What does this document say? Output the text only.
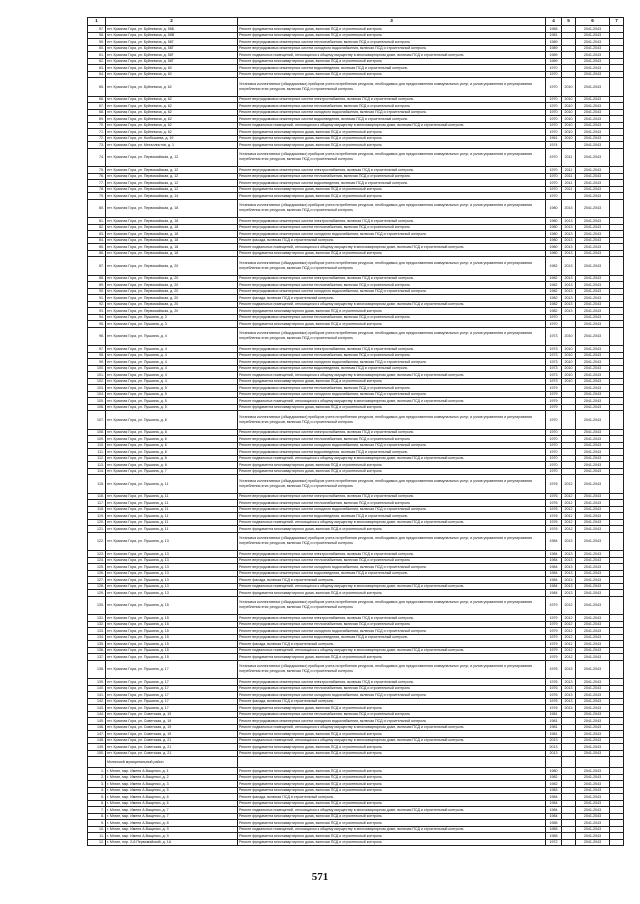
1	2	3	4	5	6	7
57.	пгт. Красная Гора, ул. Буйневича, д. 58Б	Ремонт фундамента многоквартирного дома, включая ПСД и строительный контроль	1985		2041-2043	
58.	пгт. Красная Гора, ул. Буйневича, д. 58В	Ремонт фундамента многоквартирного дома, включая ПСД и строительный контроль	1981		2041-2043	
59.	пгт. Красная Гора, ул. Буйневича, д. 58Г	Ремонт внутридомовых инженерных систем теплоснабжения, включая ПСД и строительный контроль	1989		2041-2043	
60.	пгт. Красная Гора, ул. Буйневича, д. 58Г	Ремонт внутридомовых инженерных систем холодного водоснабжения, включая ПСД и строительный контроль	1989		2041-2043	
61.	пгт. Красная Гора, ул. Буйневича, д. 58Г	Ремонт подвальных помещений, относящихся к общему имуществу в многоквартирном доме, включая ПСД и строительный контроль	1989		2041-2043	
62.	пгт. Красная Гора, ул. Буйневича, д. 58Г	Ремонт фундамента многоквартирного дома, включая ПСД и строительный контроль	1989		2041-2043	
63.	пгт. Красная Гора, ул. Буйневича, д. 60	Ремонт внутридомовых инженерных систем водоотведения, включая ПСД и строительный контроль	1970		2041-2043	
64.	пгт. Красная Гора, ул. Буйневича, д. 60	Ремонт фундамента многоквартирного дома, включая ПСД и строительный контроль	1970		2041-2043	
65.	пгт. Красная Гора, ул. Буйневича, д. 62	Установка коллективных (общедомовых) приборов учета потребления ресурсов, необходимых для предоставления коммунальных услуг, и узлов управления и регулирования потребления этих ресурсов, включая ПСД и строительный контроль	1970	2010	2041-2043	
66.	пгт. Красная Гора, ул. Буйневича, д. 62	Ремонт внутридомовых инженерных систем электроснабжения, включая ПСД и строительный контроль	1970	2010	2041-2043	
67.	пгт. Красная Гора, ул. Буйневича, д. 62	Ремонт внутридомовых инженерных систем теплоснабжения, включая ПСД и строительный контроль	1970	2010	2041-2043	
68.	пгт. Красная Гора, ул. Буйневича, д. 62	Ремонт внутридомовых инженерных систем холодного водоснабжения, включая ПСД и строительный контроль	1970	2010	2041-2043	
69.	пгт. Красная Гора, ул. Буйневича, д. 62	Ремонт внутридомовых инженерных систем водоотведения, включая ПСД и строительный контроль	1970	2010	2041-2043	
70.	пгт. Красная Гора, ул. Буйневича, д. 62	Ремонт подвальных помещений, относящихся к общему имуществу в многоквартирном доме, включая ПСД и строительный контроль	1970	2010	2041-2043	
71.	пгт. Красная Гора, ул. Буйневича, д. 62	Ремонт фундамента многоквартирного дома, включая ПСД и строительный контроль	1970	2010	2041-2043	
72.	пгт. Красная Гора, ул. Колбышева, д. 19	Ремонт фундамента многоквартирного дома, включая ПСД и строительный контроль	1961	2010	2041-2043	
73.	пгт. Красная Гора, ул. Металлистов, д. 1	Ремонт фундамента многоквартирного дома, включая ПСД и строительный контроль	1974		2041-2043	
74.	пгт. Красная Гора, ул. Первомайская, д. 12	Установка коллективных (общедомовых) приборов учета потребления ресурсов, необходимых для предоставления коммунальных услуг, и узлов управления и регулирования потребления этих ресурсов, включая ПСД и строительный контроль	1970	2011	2041-2043	
75.	пгт. Красная Гора, ул. Первомайская, д. 12	Ремонт внутридомовых инженерных систем электроснабжения, включая ПСД и строительный контроль	1970	2011	2041-2043	
76.	пгт. Красная Гора, ул. Первомайская, д. 12	Ремонт внутридомовых инженерных систем теплоснабжения, включая ПСД и строительный контроль	1970	2011	2041-2043	
77.	пгт. Красная Гора, ул. Первомайская, д. 12	Ремонт внутридомовых инженерных систем водоотведения, включая ПСД и строительный контроль	1970	2011	2041-2043	
78.	пгт. Красная Гора, ул. Первомайская, д. 12	Ремонт фундамента многоквартирного дома, включая ПСД и строительный контроль	1970	2011	2041-2043	
79.	пгт. Красная Гора, ул. Первомайская, д. 14	Ремонт фундамента многоквартирного дома, включая ПСД и строительный контроль	1970		2041-2043	
80.	пгт. Красная Гора, ул. Первомайская, д. 18	Установка коллективных (общедомовых) приборов учета потребления ресурсов, необходимых для предоставления коммунальных услуг, и узлов управления и регулирования потребления этих ресурсов, включая ПСД и строительный контроль	1980	2013	2041-2043	
81.	пгт. Красная Гора, ул. Первомайская, д. 18	Ремонт внутридомовых инженерных систем электроснабжения, включая ПСД и строительный контроль	1980	2013	2041-2043	
82.	пгт. Красная Гора, ул. Первомайская, д. 18	Ремонт внутридомовых инженерных систем теплоснабжения, включая ПСД и строительный контроль	1980	2013	2041-2043	
83.	пгт. Красная Гора, ул. Первомайская, д. 18	Ремонт внутридомовых инженерных систем холодного водоснабжения, включая ПСД и строительный контроль	1980	2013	2041-2043	
84.	пгт. Красная Гора, ул. Первомайская, д. 18	Ремонт фасада, включая ПСД и строительный контроль	1980	2013	2041-2043	
85.	пгт. Красная Гора, ул. Первомайская, д. 18	Ремонт подвальных помещений, относящихся к общему имуществу в многоквартирном доме, включая ПСД и строительный контроль	1980	2013	2041-2043	
86.	пгт. Красная Гора, ул. Первомайская, д. 18	Ремонт фундамента многоквартирного дома, включая ПСД и строительный контроль	1980	2013	2041-2043	
87.	пгт. Красная Гора, ул. Первомайская, д. 20	Установка коллективных (общедомовых) приборов учета потребления ресурсов, необходимых для предоставления коммунальных услуг, и узлов управления и регулирования потребления этих ресурсов, включая ПСД и строительный контроль	1982	2013	2041-2043	
88.	пгт. Красная Гора, ул. Первомайская, д. 20	Ремонт внутридомовых инженерных систем электроснабжения, включая ПСД и строительный контроль	1982	2013	2041-2043	
89.	пгт. Красная Гора, ул. Первомайская, д. 20	Ремонт внутридомовых инженерных систем теплоснабжения, включая ПСД и строительный контроль	1982	2013	2041-2043	
90.	пгт. Красная Гора, ул. Первомайская, д. 20	Ремонт внутридомовых инженерных систем холодного водоснабжения, включая ПСД и строительный контроль	1982	2013	2041-2043	
91.	пгт. Красная Гора, ул. Первомайская, д. 20	Ремонт фасада, включая ПСД и строительный контроль	1982	2013	2041-2043	
92.	пгт. Красная Гора, ул. Первомайская, д. 20	Ремонт подвальных помещений, относящихся к общему имуществу в многоквартирном доме, включая ПСД и строительный контроль	1982	2013	2041-2043	
93.	пгт. Красная Гора, ул. Первомайская, д. 20	Ремонт фундамента многоквартирного дома, включая ПСД и строительный контроль	1982	2013	2041-2043	
94.	пгт. Красная Гора, ул. Пушкина, д. 3	Ремонт внутридомовых инженерных систем теплоснабжения, включая ПСД и строительный контроль	1970		2041-2043	
95.	пгт. Красная Гора, ул. Пушкина, д. 3	Ремонт фундамента многоквартирного дома, включая ПСД и строительный контроль	1970		2041-2043	
96.	пгт. Красная Гора, ул. Пушкина, д. 4	Установка коллективных (общедомовых) приборов учета потребления ресурсов, необходимых для предоставления коммунальных услуг, и узлов управления и регулирования потребления этих ресурсов, включая ПСД и строительный контроль	1973	2010	2041-2043	
97.	пгт. Красная Гора, ул. Пушкина, д. 4	Ремонт внутридомовых инженерных систем электроснабжения, включая ПСД и строительный контроль	1973	2010	2041-2043	
98.	пгт. Красная Гора, ул. Пушкина, д. 4	Ремонт внутридомовых инженерных систем теплоснабжения, включая ПСД и строительный контроль	1973	2010	2041-2043	
99.	пгт. Красная Гора, ул. Пушкина, д. 4	Ремонт внутридомовых инженерных систем холодного водоснабжения, включая ПСД и строительный контроль	1973	2010	2041-2043	
100.	пгт. Красная Гора, ул. Пушкина, д. 4	Ремонт внутридомовых инженерных систем водоотведения, включая ПСД и строительный контроль	1973	2010	2041-2043	
101.	пгт. Красная Гора, ул. Пушкина, д. 4	Ремонт подвальных помещений, относящихся к общему имуществу в многоквартирном доме, включая ПСД и строительный контроль	1973	2010	2041-2043	
102.	пгт. Красная Гора, ул. Пушкина, д. 4	Ремонт фундамента многоквартирного дома, включая ПСД и строительный контроль	1973	2010	2041-2043	
103.	пгт. Красная Гора, ул. Пушкина, д. 5	Ремонт внутридомовых инженерных систем теплоснабжения, включая ПСД и строительный контроль	1979		2041-2043	
104.	пгт. Красная Гора, ул. Пушкина, д. 5	Ремонт внутридомовых инженерных систем холодного водоснабжения, включая ПСД и строительный контроль	1979		2041-2043	
105.	пгт. Красная Гора, ул. Пушкина, д. 5	Ремонт подвальных помещений, относящихся к общему имуществу в многоквартирном доме, включая ПСД и строительный контроль	1979		2041-2043	
106.	пгт. Красная Гора, ул. Пушкина, д. 5	Ремонт фундамента многоквартирного дома, включая ПСД и строительный контроль	1979		2041-2043	
107.	пгт. Красная Гора, ул. Пушкина, д. 6	Установка коллективных (общедомовых) приборов учета потребления ресурсов, необходимых для предоставления коммунальных услуг, и узлов управления и регулирования потребления этих ресурсов, включая ПСД и строительный контроль	1970		2041-2043	
108.	пгт. Красная Гора, ул. Пушкина, д. 6	Ремонт внутридомовых инженерных систем электроснабжения, включая ПСД и строительный контроль	1970		2041-2043	
109.	пгт. Красная Гора, ул. Пушкина, д. 6	Ремонт внутридомовых инженерных систем теплоснабжения, включая ПСД и строительный контроль	1970		2041-2043	
110.	пгт. Красная Гора, ул. Пушкина, д. 6	Ремонт внутридомовых инженерных систем холодного водоснабжения, включая ПСД и строительный контроль	1970		2041-2043	
111.	пгт. Красная Гора, ул. Пушкина, д. 6	Ремонт внутридомовых инженерных систем водоотведения, включая ПСД и строительный контроль	1970		2041-2043	
112.	пгт. Красная Гора, ул. Пушкина, д. 6	Ремонт подвальных помещений, относящихся к общему имуществу в многоквартирном доме, включая ПСД и строительный контроль	1970		2041-2043	
113.	пгт. Красная Гора, ул. Пушкина, д. 6	Ремонт фундамента многоквартирного дома, включая ПСД и строительный контроль	1970		2041-2043	
114.	пгт. Красная Гора, ул. Пушкина, д. 7	Ремонт фундамента многоквартирного дома, включая ПСД и строительный контроль	1970		2041-2043	
115.	пгт. Красная Гора, ул. Пушкина, д. 11	Установка коллективных (общедомовых) приборов учета потребления ресурсов, необходимых для предоставления коммунальных услуг, и узлов управления и регулирования потребления этих ресурсов, включая ПСД и строительный контроль	1976	2012	2041-2043	
116.	пгт. Красная Гора, ул. Пушкина, д. 11	Ремонт внутридомовых инженерных систем электроснабжения, включая ПСД и строительный контроль	1976	2012	2041-2043	
117.	пгт. Красная Гора, ул. Пушкина, д. 11	Ремонт внутридомовых инженерных систем теплоснабжения, включая ПСД и строительный контроль	1976	2012	2041-2043	
118.	пгт. Красная Гора, ул. Пушкина, д. 11	Ремонт внутридомовых инженерных систем холодного водоснабжения, включая ПСД и строительный контроль	1976	2012	2041-2043	
119.	пгт. Красная Гора, ул. Пушкина, д. 11	Ремонт внутридомовых инженерных систем водоотведения, включая ПСД и строительный контроль	1976	2012	2041-2043	
120.	пгт. Красная Гора, ул. Пушкина, д. 11	Ремонт подвальных помещений, относящихся к общему имуществу в многоквартирном доме, включая ПСД и строительный контроль	1976	2012	2041-2043	
121.	пгт. Красная Гора, ул. Пушкина, д. 11	Ремонт фундамента многоквартирного дома, включая ПСД и строительный контроль	1976	2012	2041-2043	
122.	пгт. Красная Гора, ул. Пушкина, д. 13	Установка коллективных (общедомовых) приборов учета потребления ресурсов, необходимых для предоставления коммунальных услуг, и узлов управления и регулирования потребления этих ресурсов, включая ПСД и строительный контроль	1984	2013	2041-2043	
123.	пгт. Красная Гора, ул. Пушкина, д. 13	Ремонт внутридомовых инженерных систем электроснабжения, включая ПСД и строительный контроль	1984	2013	2041-2043	
124.	пгт. Красная Гора, ул. Пушкина, д. 13	Ремонт внутридомовых инженерных систем теплоснабжения, включая ПСД и строительный контроль	1984	2013	2041-2043	
125.	пгт. Красная Гора, ул. Пушкина, д. 13	Ремонт внутридомовых инженерных систем холодного водоснабжения, включая ПСД и строительный контроль	1984	2013	2041-2043	
126.	пгт. Красная Гора, ул. Пушкина, д. 13	Ремонт внутридомовых инженерных систем водоотведения, включая ПСД и строительный контроль	1984	2013	2041-2043	
127.	пгт. Красная Гора, ул. Пушкина, д. 13	Ремонт фасада, включая ПСД и строительный контроль	1984	2013	2041-2043	
128.	пгт. Красная Гора, ул. Пушкина, д. 13	Ремонт подвальных помещений, относящихся к общему имуществу в многоквартирном доме, включая ПСД и строительный контроль	1984	2013	2041-2043	
129.	пгт. Красная Гора, ул. Пушкина, д. 13	Ремонт фундамента многоквартирного дома, включая ПСД и строительный контроль	1984	2013	2041-2043	
130.	пгт. Красная Гора, ул. Пушкина, д. 15	Установка коллективных (общедомовых) приборов учета потребления ресурсов, необходимых для предоставления коммунальных услуг, и узлов управления и регулирования потребления этих ресурсов, включая ПСД и строительный контроль	1979	2012	2041-2043	
131.	пгт. Красная Гора, ул. Пушкина, д. 15	Ремонт внутридомовых инженерных систем электроснабжения, включая ПСД и строительный контроль	1979	2012	2041-2043	
132.	пгт. Красная Гора, ул. Пушкина, д. 15	Ремонт внутридомовых инженерных систем теплоснабжения, включая ПСД и строительный контроль	1979	2012	2041-2043	
133.	пгт. Красная Гора, ул. Пушкина, д. 15	Ремонт внутридомовых инженерных систем холодного водоснабжения, включая ПСД и строительный контроль	1979	2012	2041-2043	
134.	пгт. Красная Гора, ул. Пушкина, д. 15	Ремонт внутридомовых инженерных систем водоотведения, включая ПСД и строительный контроль	1979	2012	2041-2043	
135.	пгт. Красная Гора, ул. Пушкина, д. 15	Ремонт фасада, включая ПСД и строительный контроль	1979	2012	2041-2043	
136.	пгт. Красная Гора, ул. Пушкина, д. 15	Ремонт подвальных помещений, относящихся к общему имуществу в многоквартирном доме, включая ПСД и строительный контроль	1979	2012	2041-2043	
137.	пгт. Красная Гора, ул. Пушкина, д. 15	Ремонт фундамента многоквартирного дома, включая ПСД и строительный контроль	1979	2012	2041-2043	
138.	пгт. Красная Гора, ул. Пушкина, д. 17	Установка коллективных (общедомовых) приборов учета потребления ресурсов, необходимых для предоставления коммунальных услуг, и узлов управления и регулирования потребления этих ресурсов, включая ПСД и строительный контроль	1976	2013	2041-2043	
139.	пгт. Красная Гора, ул. Пушкина, д. 17	Ремонт внутридомовых инженерных систем электроснабжения, включая ПСД и строительный контроль	1976	2013	2041-2043	
140.	пгт. Красная Гора, ул. Пушкина, д. 17	Ремонт внутридомовых инженерных систем теплоснабжения, включая ПСД и строительный контроль	1976	2013	2041-2043	
141.	пгт. Красная Гора, ул. Пушкина, д. 17	Ремонт внутридомовых инженерных систем холодного водоснабжения, включая ПСД и строительный контроль	1976	2013	2041-2043	
142.	пгт. Красная Гора, ул. Пушкина, д. 17	Ремонт фасада, включая ПСД и строительный контроль	1976	2013	2041-2043	
143.	пгт. Красная Гора, ул. Пушкина, д. 17	Ремонт фундамента многоквартирного дома, включая ПСД и строительный контроль	1976	2013	2041-2043	
144.	пгт. Красная Гора, ул. Советская, д. 19	Ремонт внутридомовых инженерных систем теплоснабжения, включая ПСД и строительный контроль	1981		2041-2043	
145.	пгт. Красная Гора, ул. Советская, д. 19	Ремонт внутридомовых инженерных систем холодного водоснабжения, включая ПСД и строительный контроль	1981		2041-2043	
146.	пгт. Красная Гора, ул. Советская, д. 19	Ремонт подвальных помещений, относящихся к общему имуществу в многоквартирном доме, включая ПСД и строительный контроль	1981		2041-2043	
147.	пгт. Красная Гора, ул. Советская, д. 19	Ремонт фундамента многоквартирного дома, включая ПСД и строительный контроль	1981		2041-2043	
148.	пгт. Красная Гора, ул. Советская, д. 21	Ремонт подвальных помещений, относящихся к общему имуществу в многоквартирном доме, включая ПСД и строительный контроль	2013		2041-2043	
149.	пгт. Красная Гора, ул. Советская, д. 21	Ремонт фундамента многоквартирного дома, включая ПСД и строительный контроль	2013		2041-2043	
150.	пгт. Красная Гора, ул. Советская, д. 21	Ремонт фундамента многоквартирного дома, включая ПСД и строительный контроль	2013		2041-2043	
	Мглинский муниципальный район					
1.	г. Мглин, мкр. Имени А.Ващенко, д. 1	Ремонт фундамента многоквартирного дома, включая ПСД и строительный контроль	1980		2041-2043	
2.	г. Мглин, мкр. Имени А.Ващенко, д. 2	Ремонт фундамента многоквартирного дома, включая ПСД и строительный контроль	1982		2041-2043	
3.	г. Мглин, мкр. Имени А.Ващенко, д. 3	Ремонт фундамента многоквартирного дома, включая ПСД и строительный контроль	1982		2041-2043	
4.	г. Мглин, мкр. Имени А.Ващенко, д. 5	Ремонт фундамента многоквартирного дома, включая ПСД и строительный контроль	1983		2041-2043	
5.	г. Мглин, мкр. Имени А.Ващенко, д. 6	Ремонт фасада, включая ПСД и строительный контроль	1984		2041-2043	
6.	г. Мглин, мкр. Имени А.Ващенко, д. 6	Ремонт фундамента многоквартирного дома, включая ПСД и строительный контроль	1984		2041-2043	
7.	г. Мглин, мкр. Имени А.Ващенко, д. 7	Ремонт подвальных помещений, относящихся к общему имуществу в многоквартирном доме, включая ПСД и строительный контроль	1984		2041-2043	
8.	г. Мглин, мкр. Имени А.Ващенко, д. 7	Ремонт фундамента многоквартирного дома, включая ПСД и строительный контроль	1984		2041-2043	
9.	г. Мглин, мкр. Имени А.Ващенко, д. 8	Ремонт фундамента многоквартирного дома, включая ПСД и строительный контроль	1985		2041-2043	
10.	г. Мглин, мкр. Имени А.Ващенко, д. 9	Ремонт подвальных помещений, относящихся к общему имуществу в многоквартирном доме, включая ПСД и строительный контроль	1985		2041-2043	
11.	г. Мглин, мкр. Имени А.Ващенко, д. 9	Ремонт фундамента многоквартирного дома, включая ПСД и строительный контроль	1985		2041-2043	
12.	г. Мглин, пер. 2-й Первомайский, д. 1А	Ремонт фундамента многоквартирного дома, включая ПСД и строительный контроль	1972		2041-2043	
571
